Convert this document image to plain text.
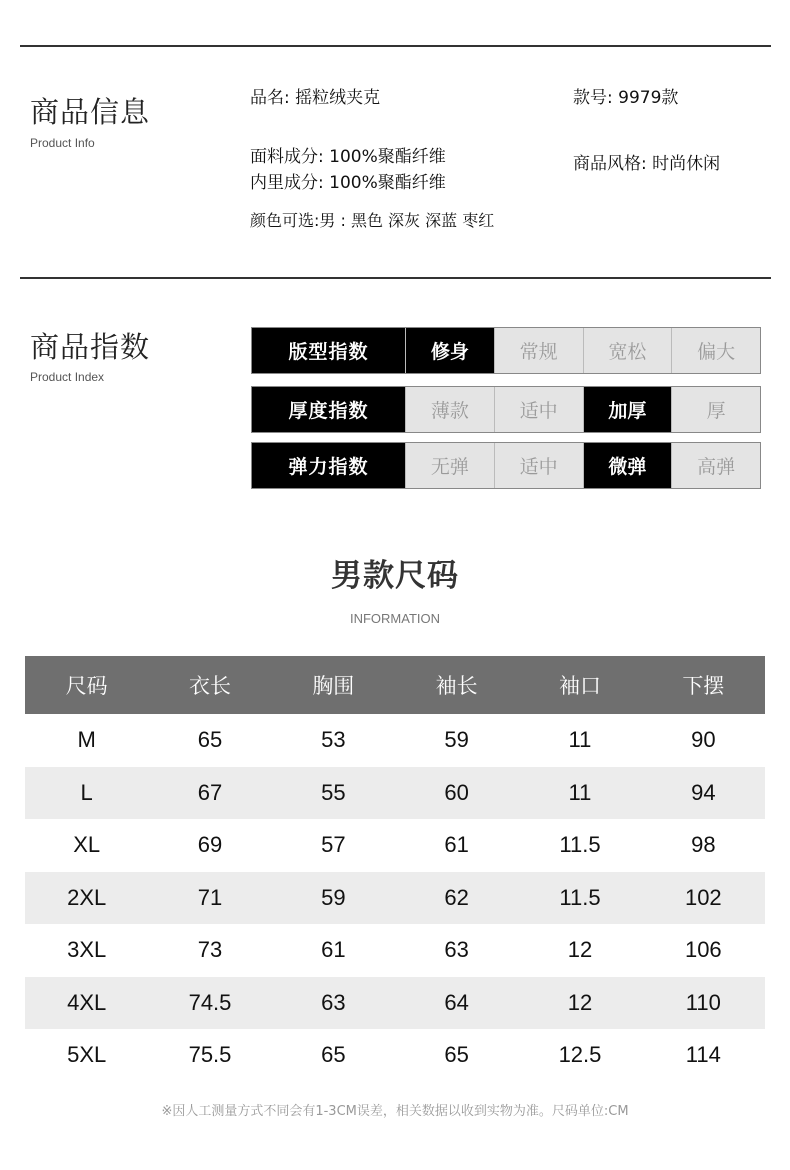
商品信息
Product Info
品名: 摇粒绒夹克	款号: 9979款
面料成分: 100%聚酯纤维
内里成分: 100%聚酯纤维
商品风格: 时尚休闲
颜色可选:男 : 黑色 深灰 深蓝 枣红
商品指数
Product Index
版型指数	修身	常规	宽松	偏大
厚度指数	薄款	适中	加厚	厚
弹力指数	无弹	适中	微弹	高弹
男款尺码
INFORMATION
尺码	衣长	胸围	袖长	袖口	下摆
M	65	53	59	11	90
L	67	55	60	11	94
XL	69	57	61	11.5	98
2XL	71	59	62	11.5	102
3XL	73	61	63	12	106
4XL	74.5	63	64	12	110
5XL	75.5	65	65	12.5	114
※因人工测量方式不同会有1-3CM误差，相关数据以收到实物为准。尺码单位:CM
